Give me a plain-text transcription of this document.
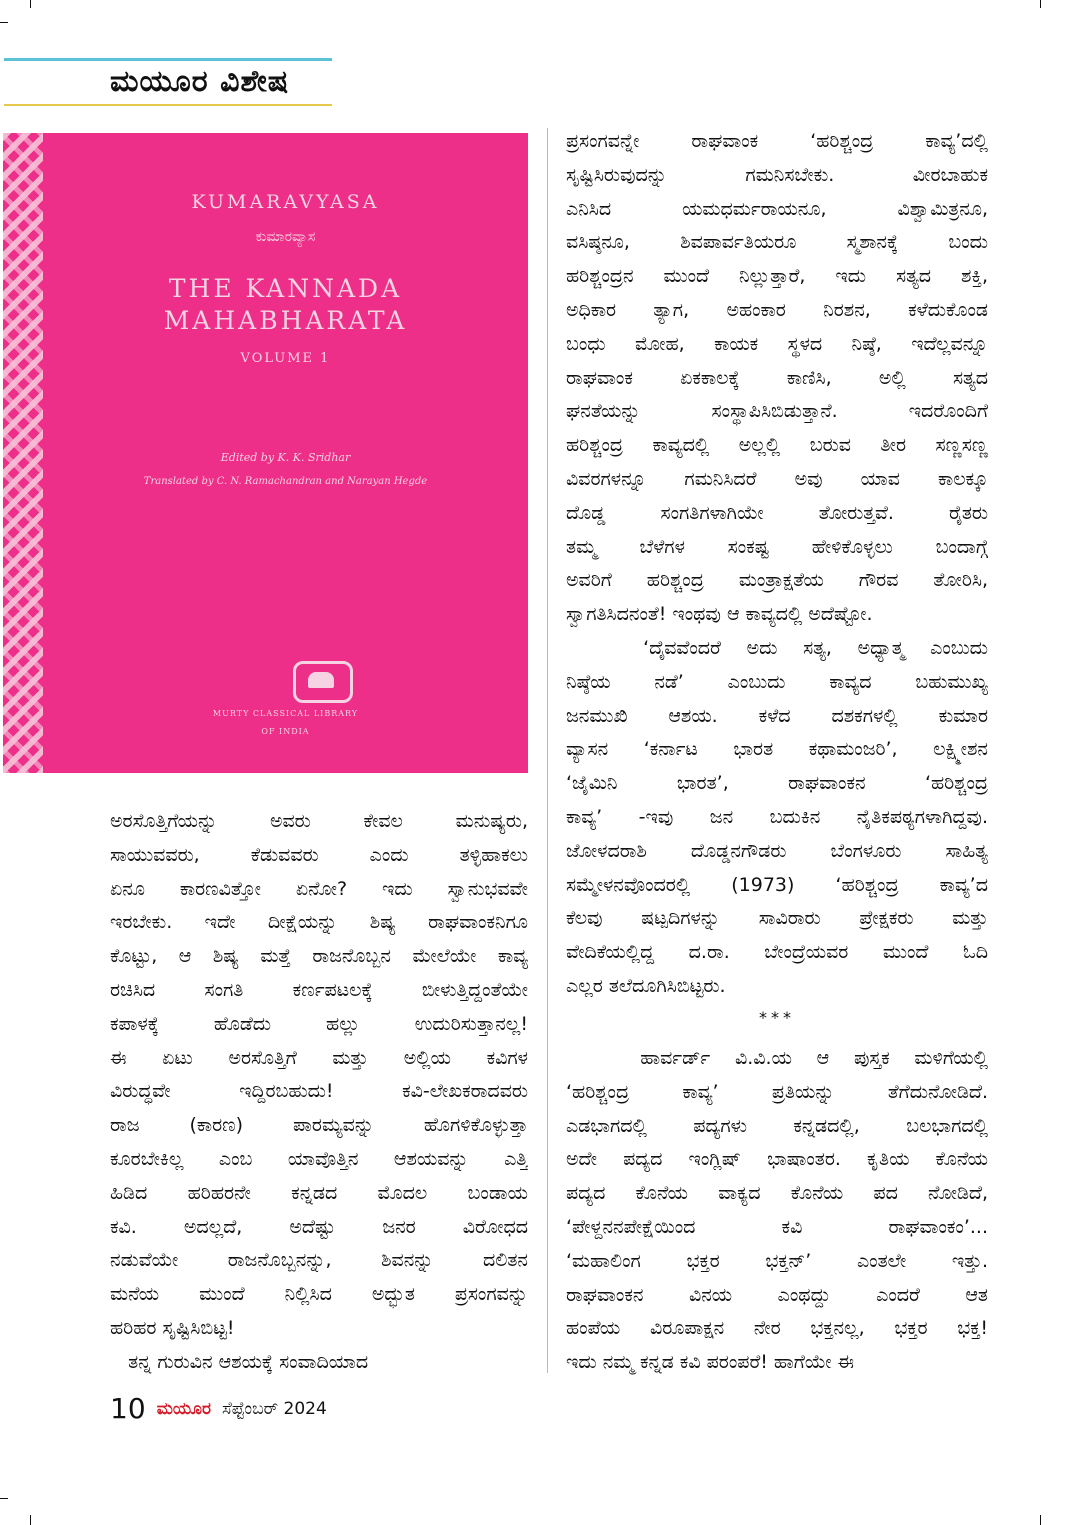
ಮಯೂರ ವಿಶೇಷ
KUMARAVYASA
ಕುಮಾರವ್ಯಾಸ
THE KANNADA MAHABHARATA
VOLUME 1
Edited by K. K. Sridhar
Translated by C. N. Ramachandran and Narayan Hegde
MURTY CLASSICAL LIBRARY
OF INDIA
ಅರಸೊತ್ತಿಗೆಯನ್ನು ಅವರು ಕೇವಲ ಮನುಷ್ಯರು,
ಸಾಯುವವರು, ಕೆಡುವವರು ಎಂದು ತಳ್ಳಿಹಾಕಲು
ಏನೂ ಕಾರಣವಿತ್ತೋ ಏನೋ? ಇದು ಸ್ವಾನುಭವವೇ
ಇರಬೇಕು. ಇದೇ ದೀಕ್ಷೆಯನ್ನು ಶಿಷ್ಯ ರಾಘವಾಂಕನಿಗೂ
ಕೊಟ್ಟು, ಆ ಶಿಷ್ಯ ಮತ್ತೆ ರಾಜನೊಬ್ಬನ ಮೇಲೆಯೇ ಕಾವ್ಯ
ರಚಿಸಿದ ಸಂಗತಿ ಕರ್ಣಪಟಲಕ್ಕೆ ಬೀಳುತ್ತಿದ್ದಂತೆಯೇ
ಕಪಾಳಕ್ಕೆ ಹೊಡೆದು ಹಲ್ಲು ಉದುರಿಸುತ್ತಾನಲ್ಲ!
ಈ ಏಟು ಅರಸೊತ್ತಿಗೆ ಮತ್ತು ಅಲ್ಲಿಯ ಕವಿಗಳ
ವಿರುದ್ಧವೇ ಇದ್ದಿರಬಹುದು! ಕವಿ-ಲೇಖಕರಾದವರು
ರಾಜ (ಕಾರಣ) ಪಾರಮ್ಯವನ್ನು ಹೊಗಳಿಕೊಳ್ಳುತ್ತಾ
ಕೂರಬೇಕಿಲ್ಲ ಎಂಬ ಯಾವೊತ್ತಿನ ಆಶಯವನ್ನು ಎತ್ತಿ
ಹಿಡಿದ ಹರಿಹರನೇ ಕನ್ನಡದ ಮೊದಲ ಬಂಡಾಯ
ಕವಿ. ಅದಲ್ಲದೆ, ಅದೆಷ್ಟು ಜನರ ವಿರೋಧದ
ನಡುವೆಯೇ ರಾಜನೊಬ್ಬನನ್ನು, ಶಿವನನ್ನು ದಲಿತನ
ಮನೆಯ ಮುಂದೆ ನಿಲ್ಲಿಸಿದ ಅದ್ಭುತ ಪ್ರಸಂಗವನ್ನು
ಹರಿಹರ ಸೃಷ್ಟಿಸಿಬಿಟ್ಟ!
ತನ್ನ ಗುರುವಿನ ಆಶಯಕ್ಕೆ ಸಂವಾದಿಯಾದ
ಪ್ರಸಂಗವನ್ನೇ ರಾಘವಾಂಕ ‘ಹರಿಶ್ಚಂದ್ರ ಕಾವ್ಯ’ದಲ್ಲಿ
ಸೃಷ್ಟಿಸಿರುವುದನ್ನು ಗಮನಿಸಬೇಕು. ವೀರಬಾಹುಕ
ಎನಿಸಿದ ಯಮಧರ್ಮರಾಯನೂ, ವಿಶ್ವಾಮಿತ್ರನೂ,
ವಸಿಷ್ಠನೂ, ಶಿವಪಾರ್ವತಿಯರೂ ಸ್ಮಶಾನಕ್ಕೆ ಬಂದು
ಹರಿಶ್ಚಂದ್ರನ ಮುಂದೆ ನಿಲ್ಲುತ್ತಾರೆ, ಇದು ಸತ್ಯದ ಶಕ್ತಿ,
ಅಧಿಕಾರ ತ್ಯಾಗ, ಅಹಂಕಾರ ನಿರಶನ, ಕಳೆದುಕೊಂಡ
ಬಂಧು ಮೋಹ, ಕಾಯಕ ಸ್ಥಳದ ನಿಷ್ಠೆ, ಇದೆಲ್ಲವನ್ನೂ
ರಾಘವಾಂಕ ಏಕಕಾಲಕ್ಕೆ ಕಾಣಿಸಿ, ಅಲ್ಲಿ ಸತ್ಯದ
ಘನತೆಯನ್ನು ಸಂಸ್ಥಾಪಿಸಿಬಿಡುತ್ತಾನೆ. ಇದರೊಂದಿಗೆ
ಹರಿಶ್ಚಂದ್ರ ಕಾವ್ಯದಲ್ಲಿ ಅಲ್ಲಲ್ಲಿ ಬರುವ ತೀರ ಸಣ್ಣಸಣ್ಣ
ವಿವರಗಳನ್ನೂ ಗಮನಿಸಿದರೆ ಅವು ಯಾವ ಕಾಲಕ್ಕೂ
ದೊಡ್ಡ ಸಂಗತಿಗಳಾಗಿಯೇ ತೋರುತ್ತವೆ. ರೈತರು
ತಮ್ಮ ಬೆಳೆಗಳ ಸಂಕಷ್ಟ ಹೇಳಿಕೊಳ್ಳಲು ಬಂದಾಗ್ಗೆ
ಅವರಿಗೆ ಹರಿಶ್ಚಂದ್ರ ಮಂತ್ರಾಕ್ಷತೆಯ ಗೌರವ ತೋರಿಸಿ,
ಸ್ವಾಗತಿಸಿದನಂತೆ! ಇಂಥವು ಆ ಕಾವ್ಯದಲ್ಲಿ ಅದೆಷ್ಟೋ.
‘ದೈವವೆಂದರೆ ಅದು ಸತ್ಯ, ಅಧ್ಯಾತ್ಮ ಎಂಬುದು
ನಿಷ್ಠೆಯ ನಡೆ’ ಎಂಬುದು ಕಾವ್ಯದ ಬಹುಮುಖ್ಯ
ಜನಮುಖಿ ಆಶಯ. ಕಳೆದ ದಶಕಗಳಲ್ಲಿ ಕುಮಾರ
ವ್ಯಾಸನ ‘ಕರ್ನಾಟ ಭಾರತ ಕಥಾಮಂಜರಿ’, ಲಕ್ಷ್ಮೀಶನ
‘ಜೈಮಿನಿ ಭಾರತ’, ರಾಘವಾಂಕನ ‘ಹರಿಶ್ಚಂದ್ರ
ಕಾವ್ಯ’ -ಇವು ಜನ ಬದುಕಿನ ನೈತಿಕಪಠ್ಯಗಳಾಗಿದ್ದವು.
ಜೋಳದರಾಶಿ ದೊಡ್ಡನಗೌಡರು ಬೆಂಗಳೂರು ಸಾಹಿತ್ಯ
ಸಮ್ಮೇಳನವೊಂದರಲ್ಲಿ (1973) ‘ಹರಿಶ್ಚಂದ್ರ ಕಾವ್ಯ’ದ
ಕೆಲವು ಷಟ್ಪದಿಗಳನ್ನು ಸಾವಿರಾರು ಪ್ರೇಕ್ಷಕರು ಮತ್ತು
ವೇದಿಕೆಯಲ್ಲಿದ್ದ ದ.ರಾ. ಬೇಂದ್ರೆಯವರ ಮುಂದೆ ಓದಿ
ಎಲ್ಲರ ತಲೆದೂಗಿಸಿಬಿಟ್ಟರು.
***
ಹಾರ್ವರ್ಡ್ ವಿ.ವಿ.ಯ ಆ ಪುಸ್ತಕ ಮಳಿಗೆಯಲ್ಲಿ
‘ಹರಿಶ್ಚಂದ್ರ ಕಾವ್ಯ’ ಪ್ರತಿಯನ್ನು ತೆಗೆದುನೋಡಿದೆ.
ಎಡಭಾಗದಲ್ಲಿ ಪದ್ಯಗಳು ಕನ್ನಡದಲ್ಲಿ, ಬಲಭಾಗದಲ್ಲಿ
ಅದೇ ಪದ್ಯದ ಇಂಗ್ಲಿಷ್ ಭಾಷಾಂತರ. ಕೃತಿಯ ಕೊನೆಯ
ಪದ್ಯದ ಕೊನೆಯ ವಾಕ್ಯದ ಕೊನೆಯ ಪದ ನೋಡಿದೆ,
‘ಪೇಳ್ದನನಪೇಕ್ಷೆಯಿಂದ ಕವಿ ರಾಘವಾಂಕಂ’...
‘ಮಹಾಲಿಂಗ ಭಕ್ತರ ಭಕ್ತನ್’ ಎಂತಲೇ ಇತ್ತು.
ರಾಘವಾಂಕನ ವಿನಯ ಎಂಥದ್ದು ಎಂದರೆ ಆತ
ಹಂಪೆಯ ವಿರೂಪಾಕ್ಷನ ನೇರ ಭಕ್ತನಲ್ಲ, ಭಕ್ತರ ಭಕ್ತ!
ಇದು ನಮ್ಮ ಕನ್ನಡ ಕವಿ ಪರಂಪರೆ! ಹಾಗೆಯೇ ಈ
10 ಮಯೂರ ಸೆಪ್ಟೆಂಬರ್ 2024
